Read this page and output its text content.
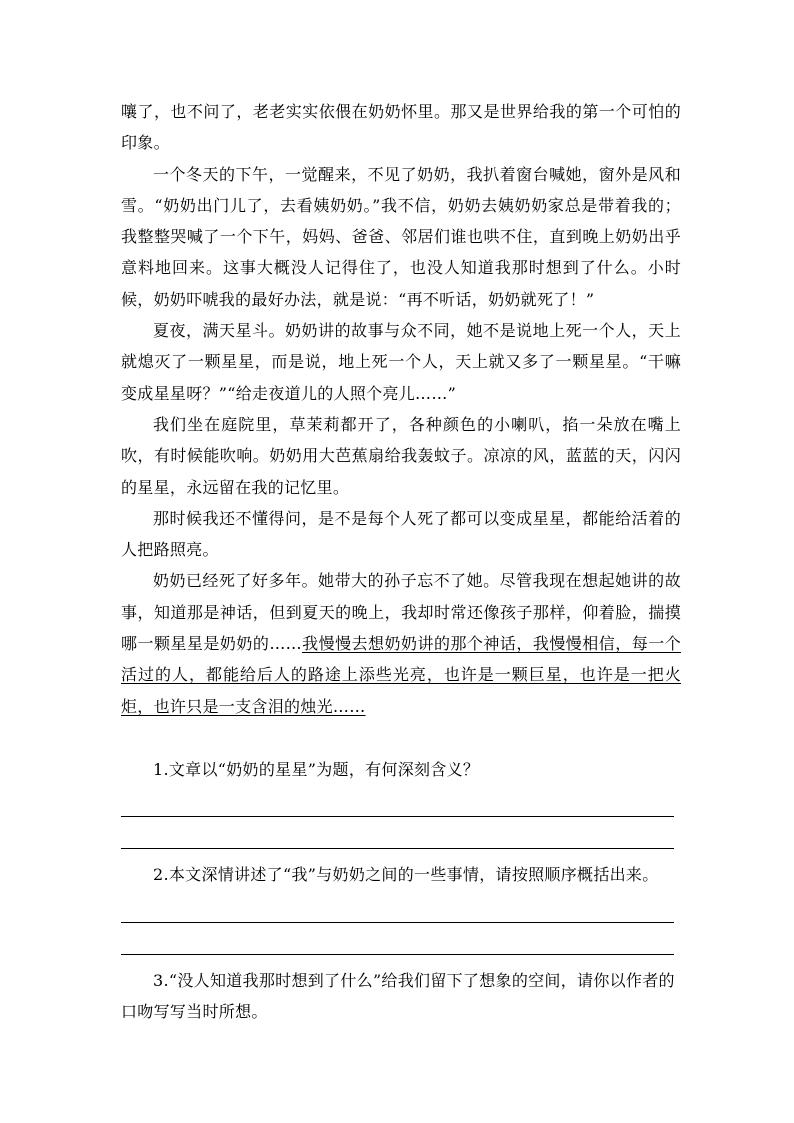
嚷了，也不问了，老老实实依偎在奶奶怀里。那又是世界给我的第一个可怕的印象。

一个冬天的下午，一觉醒来，不见了奶奶，我扒着窗台喊她，窗外是风和雪。“奶奶出门儿了，去看姨奶奶。”我不信，奶奶去姨奶奶家总是带着我的；我整整哭喊了一个下午，妈妈、爸爸、邻居们谁也哄不住，直到晚上奶奶出乎意料地回来。这事大概没人记得住了，也没人知道我那时想到了什么。小时候，奶奶吓唬我的最好办法，就是说：“再不听话，奶奶就死了！”

夏夜，满天星斗。奶奶讲的故事与众不同，她不是说地上死一个人，天上就熄灭了一颗星星，而是说，地上死一个人，天上就又多了一颗星星。“干嘛变成星星呀？”“给走夜道儿的人照个亮儿……”

我们坐在庭院里，草茉莉都开了，各种颜色的小喇叭，掐一朵放在嘴上吹，有时候能吹响。奶奶用大芭蕉扇给我轰蚊子。凉凉的风，蓝蓝的天，闪闪的星星，永远留在我的记忆里。

那时候我还不懂得问，是不是每个人死了都可以变成星星，都能给活着的人把路照亮。

奶奶已经死了好多年。她带大的孙子忘不了她。尽管我现在想起她讲的故事，知道那是神话，但到夏天的晚上，我却时常还像孩子那样，仰着脸，揣摸哪一颗星星是奶奶的……我慢慢去想奶奶讲的那个神话，我慢慢相信，每一个活过的人，都能给后人的路途上添些光亮，也许是一颗巨星，也许是一把火炬，也许只是一支含泪的烛光……

1.文章以“奶奶的星星”为题，有何深刻含义？

2.本文深情讲述了“我”与奶奶之间的一些事情，请按照顺序概括出来。

3.“没人知道我那时想到了什么”给我们留下了想象的空间，请你以作者的口吻写写当时所想。
